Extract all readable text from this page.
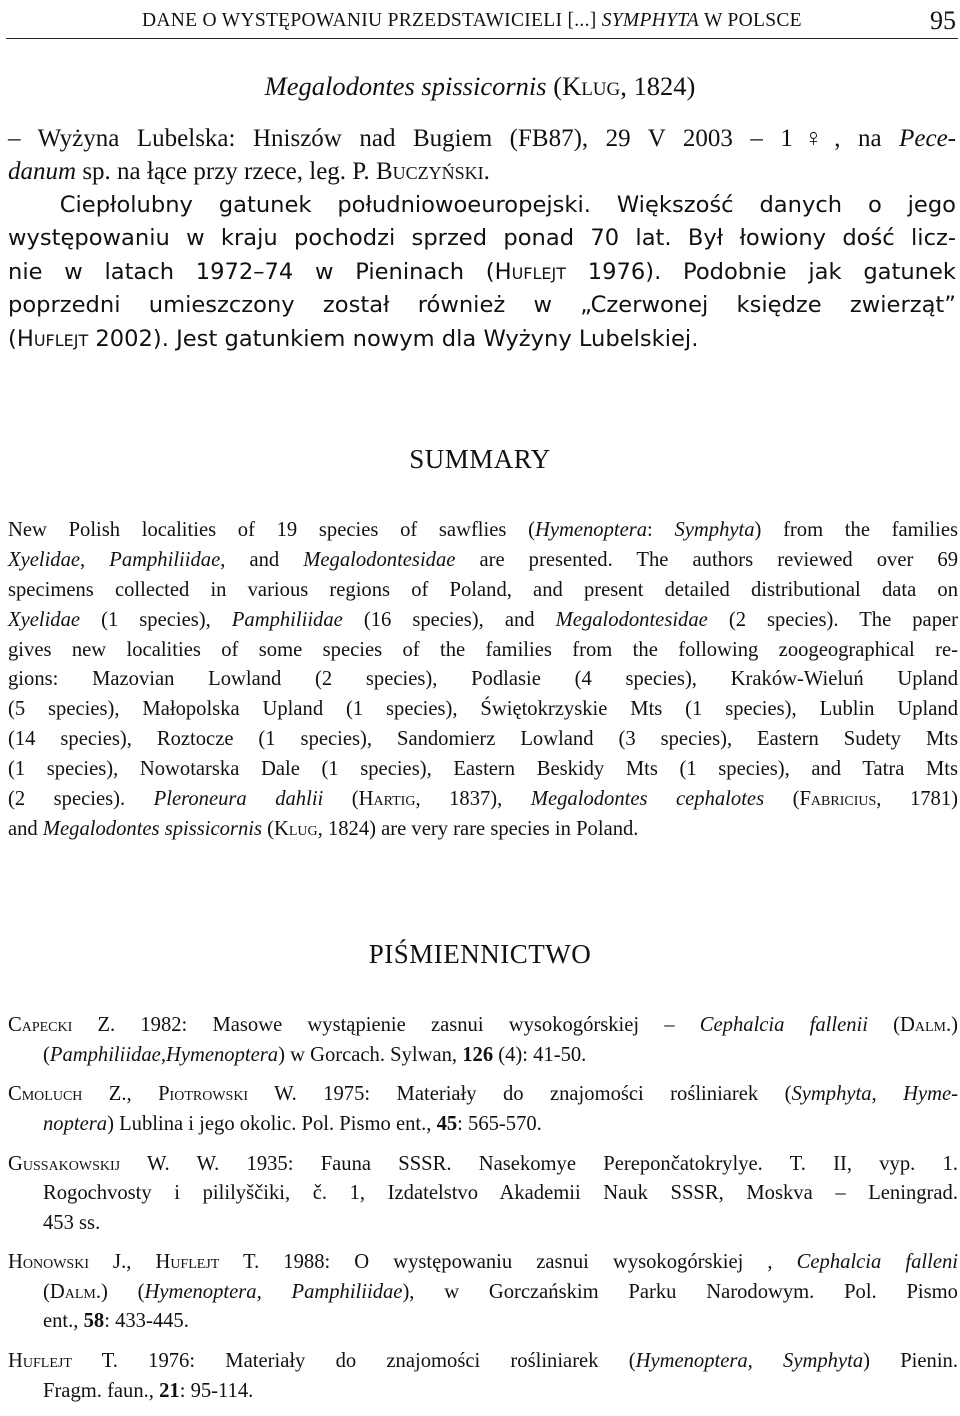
DANE O WYSTĘPOWANIU PRZEDSTAWICIELI [...] SYMPHYTA W POLSCE	95
Megalodontes spissicornis (Klug, 1824)
– Wyżyna Lubelska: Hniszów nad Bugiem (FB87), 29 V 2003 – 1♀, na Pece-
danum sp. na łące przy rzece, leg. P. Buczyński.
Ciepłolubny gatunek południowoeuropejski. Większość danych o jego
występowaniu w kraju pochodzi sprzed ponad 70 lat. Był łowiony dość licz-
nie w latach 1972–74 w Pieninach (Huflejt 1976). Podobnie jak gatunek
poprzedni umieszczony został również w „Czerwonej księdze zwierząt”
(Huflejt 2002). Jest gatunkiem nowym dla Wyżyny Lubelskiej.
SUMMARY
New Polish localities of 19 species of sawflies (Hymenoptera: Symphyta) from the families
Xyelidae, Pamphiliidae, and Megalodontesidae are presented. The authors reviewed over 69
specimens collected in various regions of Poland, and present detailed distributional data on
Xyelidae (1 species), Pamphiliidae (16 species), and Megalodontesidae (2 species). The paper
gives new localities of some species of the families from the following zoogeographical re-
gions: Mazovian Lowland (2 species), Podlasie (4 species), Kraków-Wieluń Upland
(5 species), Małopolska Upland (1 species), Świętokrzyskie Mts (1 species), Lublin Upland
(14 species), Roztocze (1 species), Sandomierz Lowland (3 species), Eastern Sudety Mts
(1 species), Nowotarska Dale (1 species), Eastern Beskidy Mts (1 species), and Tatra Mts
(2 species). Pleroneura dahlii (Hartig, 1837), Megalodontes cephalotes (Fabricius, 1781)
and Megalodontes spissicornis (Klug, 1824) are very rare species in Poland.
PIŚMIENNICTWO
Capecki Z. 1982: Masowe wystąpienie zasnui wysokogórskiej – Cephalcia fallenii (Dalm.)
(Pamphiliidae,Hymenoptera) w Gorcach. Sylwan, 126 (4): 41-50.
Cmoluch Z., Piotrowski W. 1975: Materiały do znajomości rośliniarek (Symphyta, Hyme-
noptera) Lublina i jego okolic. Pol. Pismo ent., 45: 565-570.
Gussakowskij W. W. 1935: Fauna SSSR. Nasekomye Perepončatokrylye. T. II, vyp. 1.
Rogochvosty i pililyščiki, č. 1, Izdatelstvo Akademii Nauk SSSR, Moskva – Leningrad.
453 ss.
Honowski J., Huflejt T. 1988: O występowaniu zasnui wysokogórskiej , Cephalcia falleni
(Dalm.) (Hymenoptera, Pamphiliidae), w Gorczańskim Parku Narodowym. Pol. Pismo
ent., 58: 433-445.
Huflejt T. 1976: Materiały do znajomości rośliniarek (Hymenoptera, Symphyta) Pienin.
Fragm. faun., 21: 95-114.
